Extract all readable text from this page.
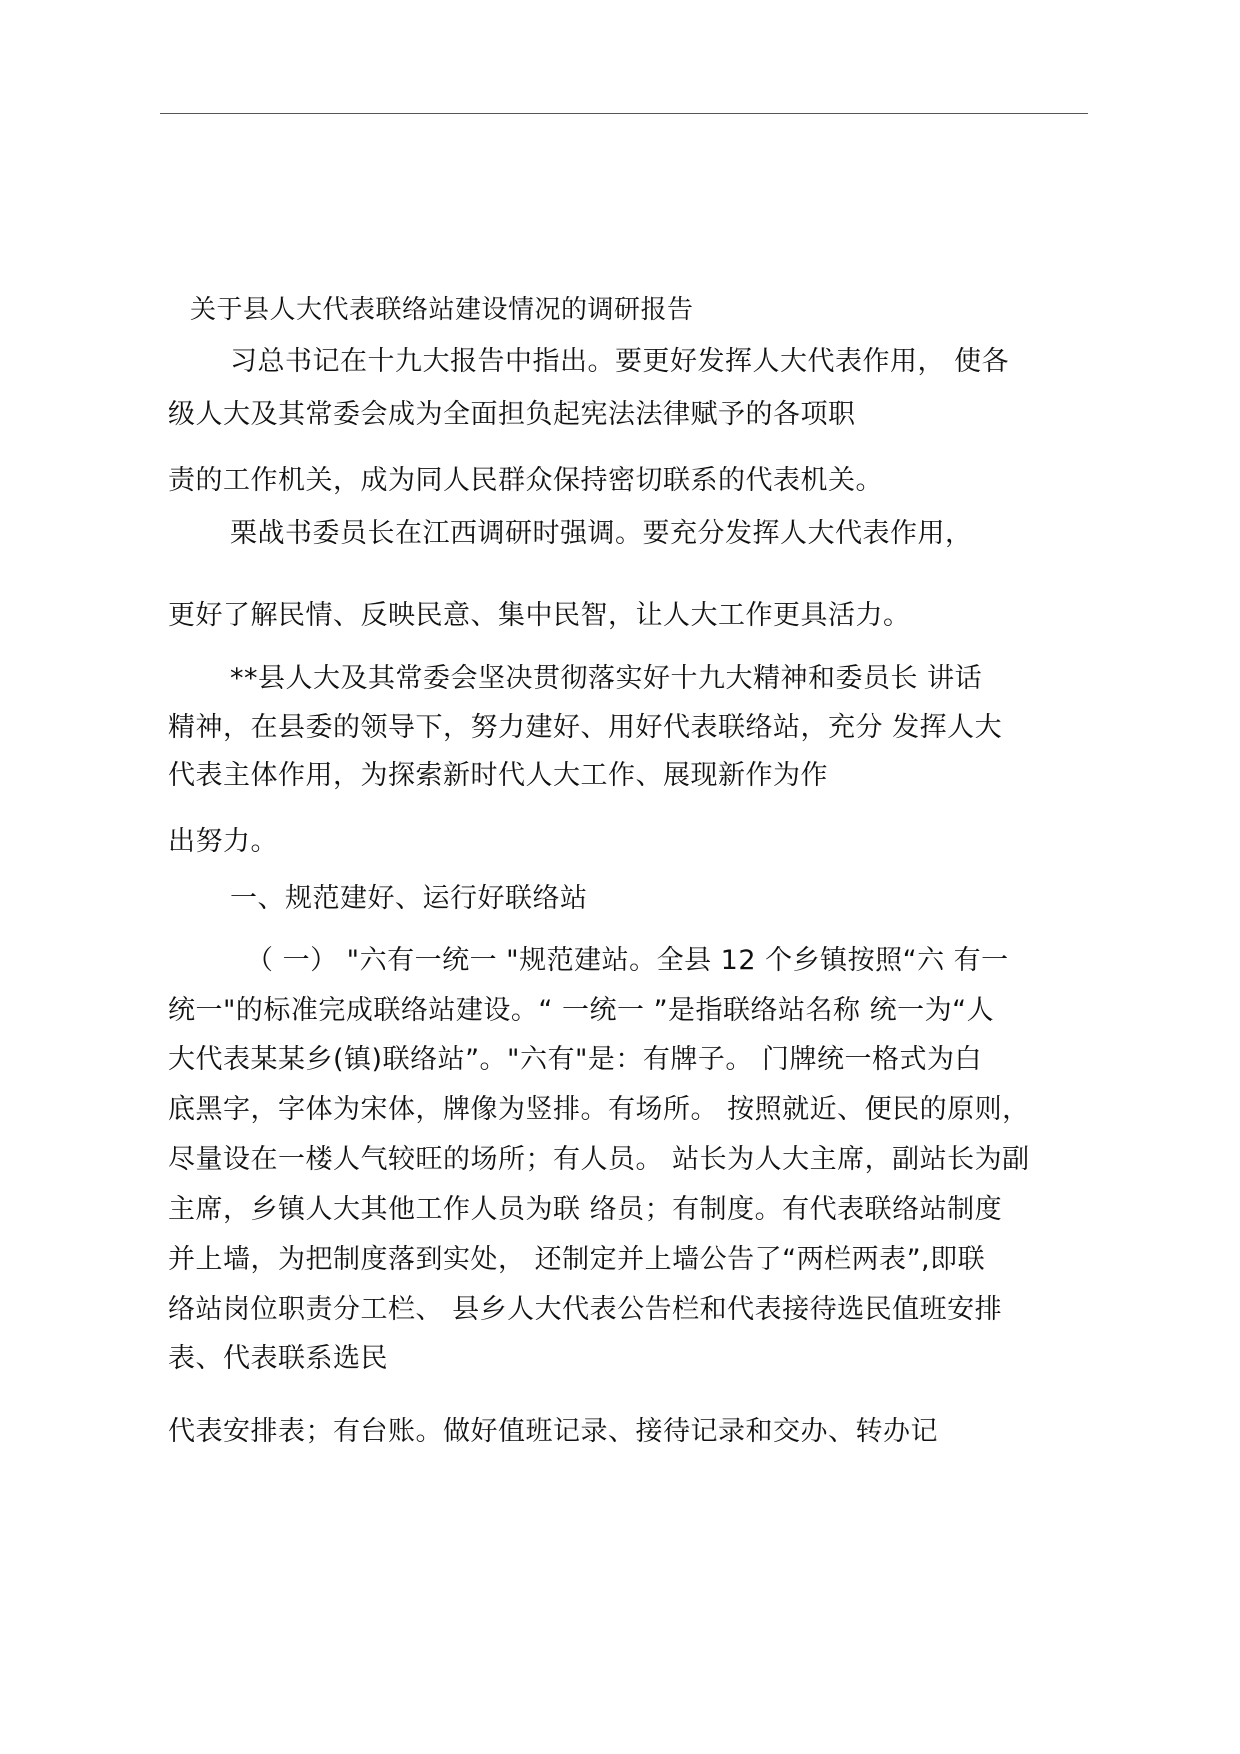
关于县人大代表联络站建设情况的调研报告
习总书记在十九大报告中指出。要更好发挥人大代表作用， 使各
级人大及其常委会成为全面担负起宪法法律赋予的各项职
责的工作机关，成为同人民群众保持密切联系的代表机关。
栗战书委员长在江西调研时强调。要充分发挥人大代表作用，
更好了解民情、反映民意、集中民智，让人大工作更具活力。
**县人大及其常委会坚决贯彻落实好十九大精神和委员长 讲话
精神，在县委的领导下，努力建好、用好代表联络站，充分 发挥人大
代表主体作用，为探索新时代人大工作、展现新作为作
出努力。
一、规范建好、运行好联络站
（ 一） "六有一统一 "规范建站。全县 12 个乡镇按照“六 有一
统一"的标准完成联络站建设。“ 一统一 ”是指联络站名称 统一为“人
大代表某某乡(镇)联络站”。"六有"是：有牌子。 门牌统一格式为白
底黑字，字体为宋体，牌像为竖排。有场所。 按照就近、便民的原则，
尽量设在一楼人气较旺的场所；有人员。 站长为人大主席，副站长为副
主席，乡镇人大其他工作人员为联 络员；有制度。有代表联络站制度
并上墙，为把制度落到实处， 还制定并上墙公告了“两栏两表”,即联
络站岗位职责分工栏、 县乡人大代表公告栏和代表接待选民值班安排
表、代表联系选民
代表安排表；有台账。做好值班记录、接待记录和交办、转办记
